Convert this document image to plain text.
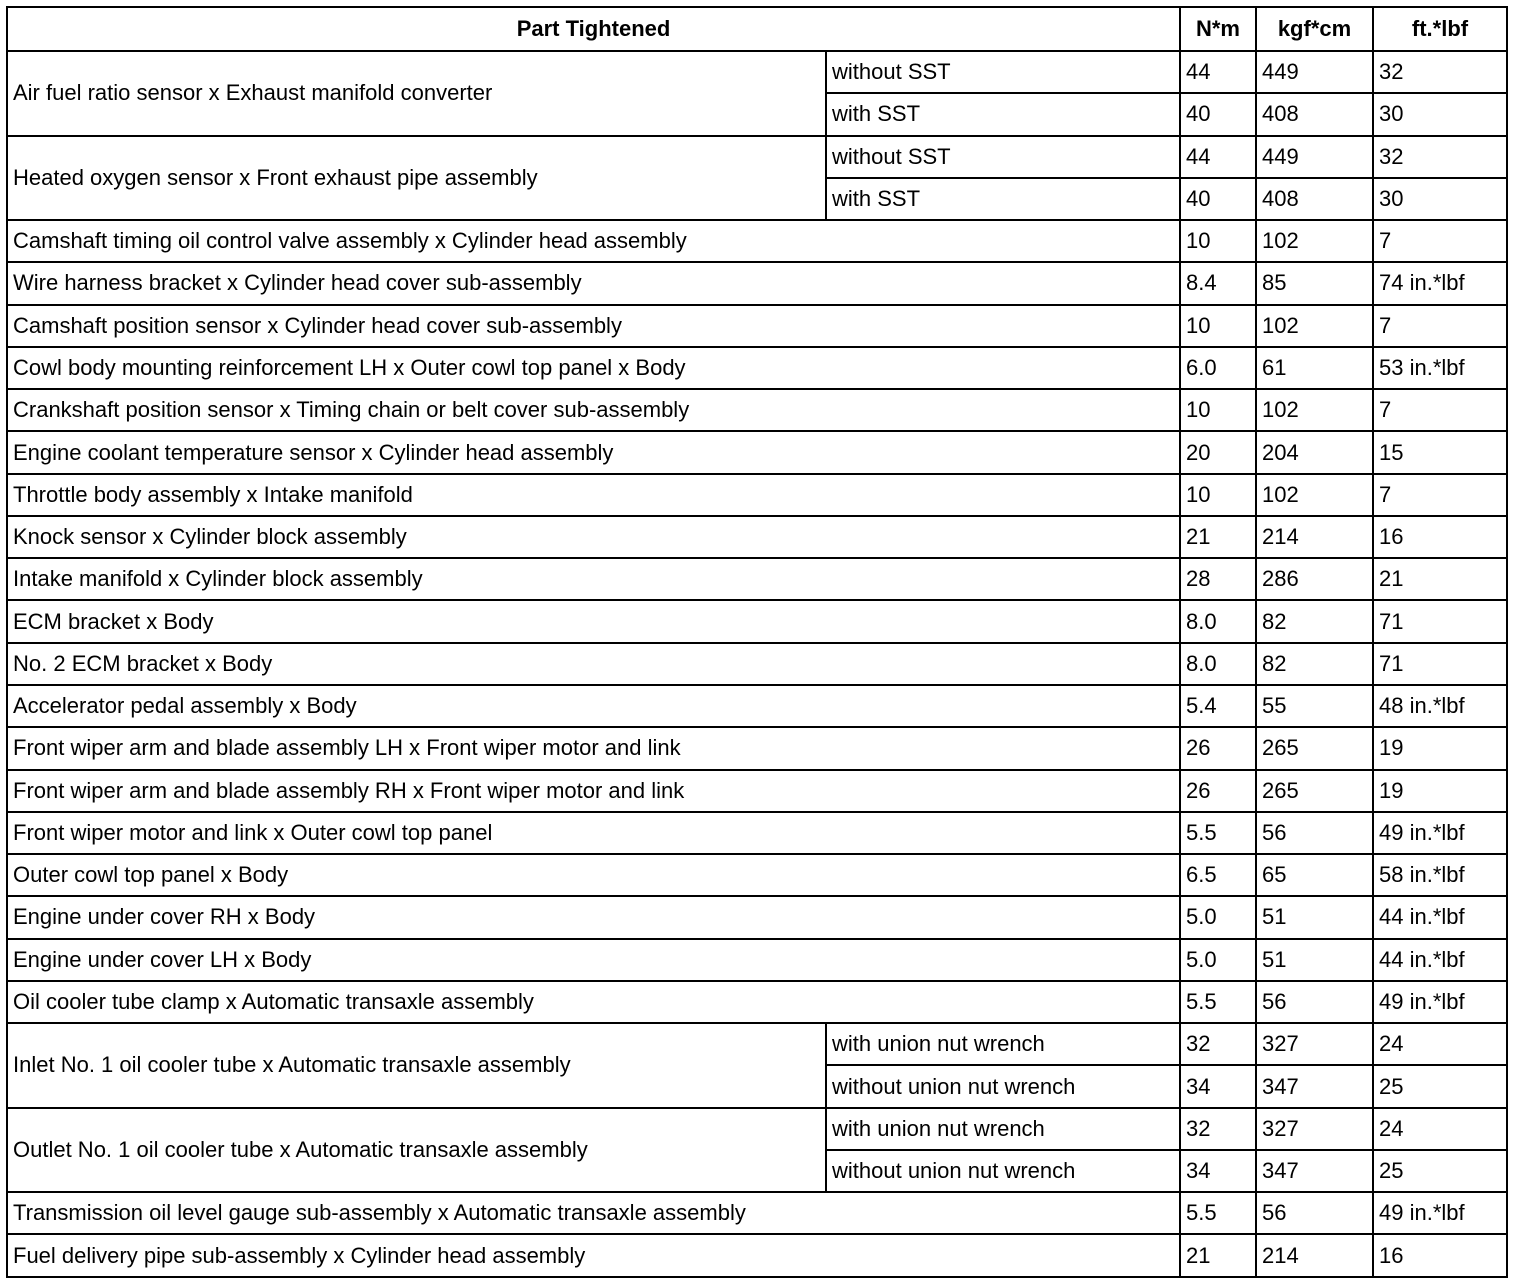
Part Tightened		N*m	kgf*cm	ft.*lbf
Air fuel ratio sensor x Exhaust manifold converter	without SST	44	449	32
	with SST	40	408	30
Heated oxygen sensor x Front exhaust pipe assembly	without SST	44	449	32
	with SST	40	408	30
Camshaft timing oil control valve assembly x Cylinder head assembly		10	102	7
Wire harness bracket x Cylinder head cover sub-assembly		8.4	85	74 in.*lbf
Camshaft position sensor x Cylinder head cover sub-assembly		10	102	7
Cowl body mounting reinforcement LH x Outer cowl top panel x Body		6.0	61	53 in.*lbf
Crankshaft position sensor x Timing chain or belt cover sub-assembly		10	102	7
Engine coolant temperature sensor x Cylinder head assembly		20	204	15
Throttle body assembly x Intake manifold		10	102	7
Knock sensor x Cylinder block assembly		21	214	16
Intake manifold x Cylinder block assembly		28	286	21
ECM bracket x Body		8.0	82	71
No. 2 ECM bracket x Body		8.0	82	71
Accelerator pedal assembly x Body		5.4	55	48 in.*lbf
Front wiper arm and blade assembly LH x Front wiper motor and link		26	265	19
Front wiper arm and blade assembly RH x Front wiper motor and link		26	265	19
Front wiper motor and link x Outer cowl top panel		5.5	56	49 in.*lbf
Outer cowl top panel x Body		6.5	65	58 in.*lbf
Engine under cover RH x Body		5.0	51	44 in.*lbf
Engine under cover LH x Body		5.0	51	44 in.*lbf
Oil cooler tube clamp x Automatic transaxle assembly		5.5	56	49 in.*lbf
Inlet No. 1 oil cooler tube x Automatic transaxle assembly	with union nut wrench	32	327	24
	without union nut wrench	34	347	25
Outlet No. 1 oil cooler tube x Automatic transaxle assembly	with union nut wrench	32	327	24
	without union nut wrench	34	347	25
Transmission oil level gauge sub-assembly x Automatic transaxle assembly		5.5	56	49 in.*lbf
Fuel delivery pipe sub-assembly x Cylinder head assembly		21	214	16
